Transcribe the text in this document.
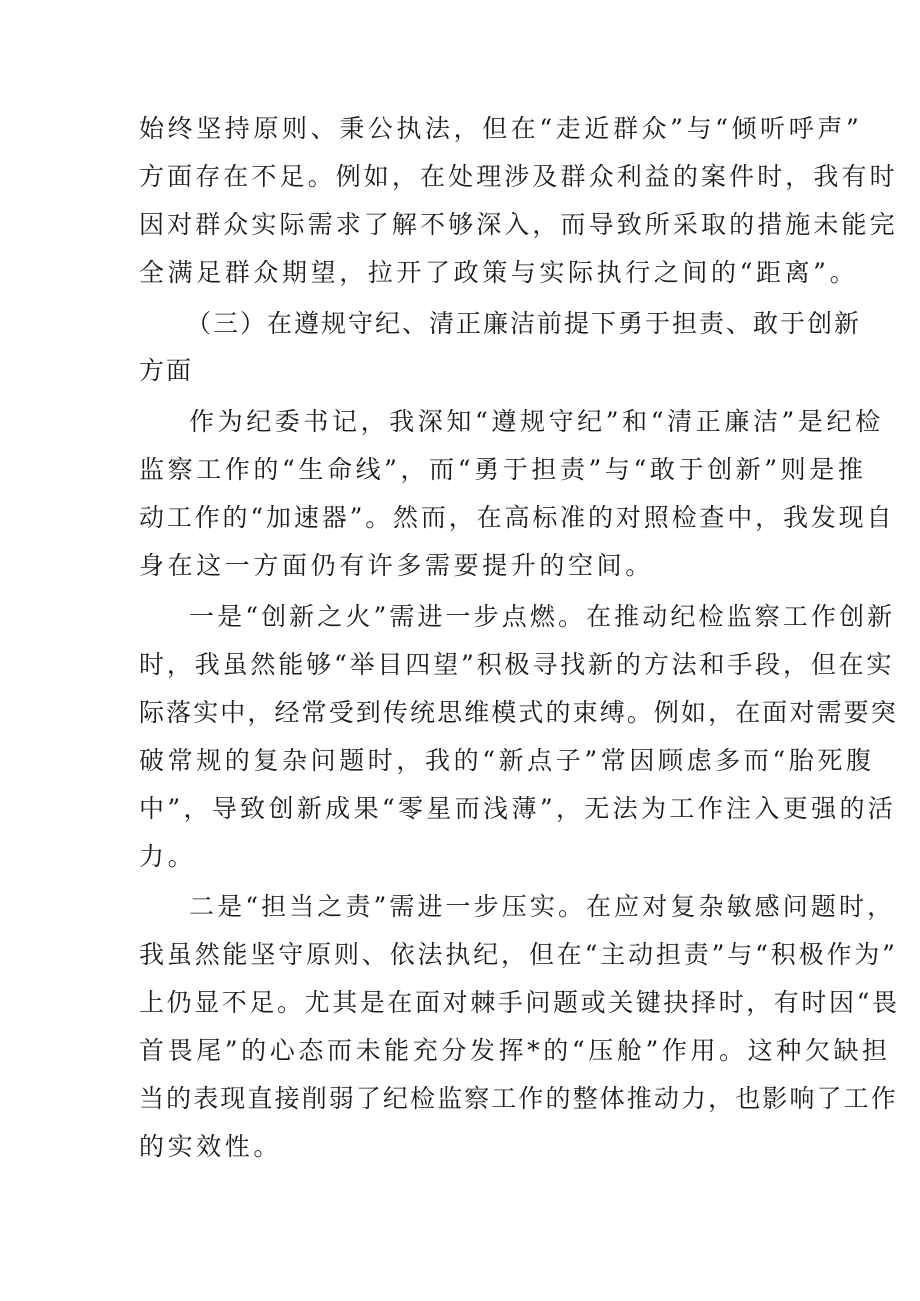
始终坚持原则、秉公执法，但在“走近群众”与“倾听呼声”
方面存在不足。例如，在处理涉及群众利益的案件时，我有时
因对群众实际需求了解不够深入，而导致所采取的措施未能完
全满足群众期望，拉开了政策与实际执行之间的“距离”。
（三）在遵规守纪、清正廉洁前提下勇于担责、敢于创新
方面
作为纪委书记，我深知“遵规守纪”和“清正廉洁”是纪检
监察工作的“生命线”，而“勇于担责”与“敢于创新”则是推
动工作的“加速器”。然而，在高标准的对照检查中，我发现自
身在这一方面仍有许多需要提升的空间。
一是“创新之火”需进一步点燃。在推动纪检监察工作创新
时，我虽然能够“举目四望”积极寻找新的方法和手段，但在实
际落实中，经常受到传统思维模式的束缚。例如，在面对需要突
破常规的复杂问题时，我的“新点子”常因顾虑多而“胎死腹
中”，导致创新成果“零星而浅薄”，无法为工作注入更强的活
力。
二是“担当之责”需进一步压实。在应对复杂敏感问题时，
我虽然能坚守原则、依法执纪，但在“主动担责”与“积极作为”
上仍显不足。尤其是在面对棘手问题或关键抉择时，有时因“畏
首畏尾”的心态而未能充分发挥*的“压舱”作用。这种欠缺担
当的表现直接削弱了纪检监察工作的整体推动力，也影响了工作
的实效性。
